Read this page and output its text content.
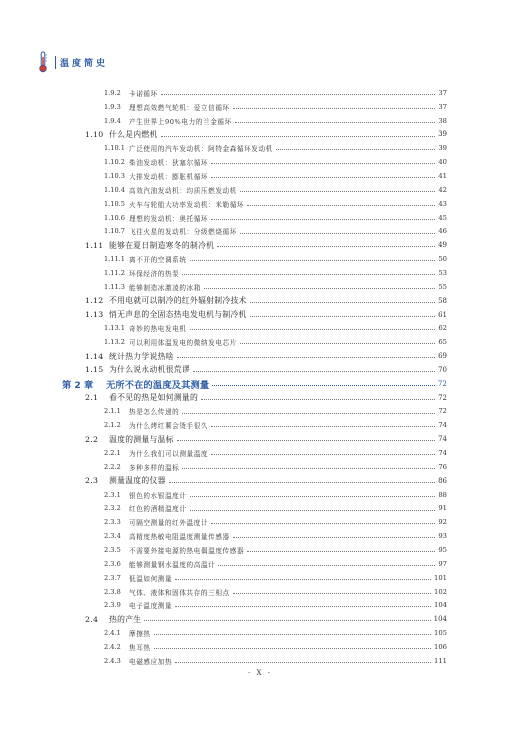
温度简史
1.9.2 卡诺循环	37
1.9.3 理想高效燃气轮机：爱立信循环	37
1.9.4 产生世界上90%电力的兰金循环	38
1.10 什么是内燃机	39
1.10.1 广泛使用的汽车发动机：阿特金森循环发动机	39
1.10.2 柴油发动机：狄塞尔循环	40
1.10.3 大排发动机：膨胀机循环	41
1.10.4 高效汽油发动机：均质压燃发动机	42
1.10.5 火车与轮船大功率发动机：米勒循环	43
1.10.6 理想的发动机：奥托循环	45
1.10.7 飞往火星的发动机：分级燃烧循环	46
1.11 能够在夏日制造寒冬的制冷机	49
1.11.1 离不开的空调系统	50
1.11.2 环保经济的热泵	53
1.11.3 能够制造冰激凌的冰箱	55
1.12 不用电就可以制冷的红外辐射制冷技术	58
1.13 悄无声息的全固态热电发电机与制冷机	61
1.13.1 奇妙的热电发电机	62
1.13.2 可以利用体温发电的微纳发电芯片	65
1.14 统计热力学说热啥	69
1.15 为什么说永动机很荒谬	70
第 2 章 无所不在的温度及其测量	72
2.1 看不见的热是如何测量的	72
2.1.1 热是怎么传递的	72
2.1.2 为什么烤红薯会烫手很久	74
2.2 温度的测量与温标	74
2.2.1 为什么我们可以测量温度	74
2.2.2 多种多样的温标	76
2.3 测量温度的仪器	86
2.3.1 银色的水银温度计	88
2.3.2 红色的酒精温度计	91
2.3.3 可隔空测量的红外温度计	92
2.3.4 高精度热敏电阻温度测量传感器	93
2.3.5 不需要外接电源的热电偶温度传感器	95
2.3.6 能够测量钢水温度的高温计	97
2.3.7 低温如何测量	101
2.3.8 气体、液体和固体共存的三相点	102
2.3.9 电子温度测量	104
2.4 热的产生	104
2.4.1 摩擦热	105
2.4.2 焦耳热	106
2.4.3 电磁感应加热	111
· X ·
